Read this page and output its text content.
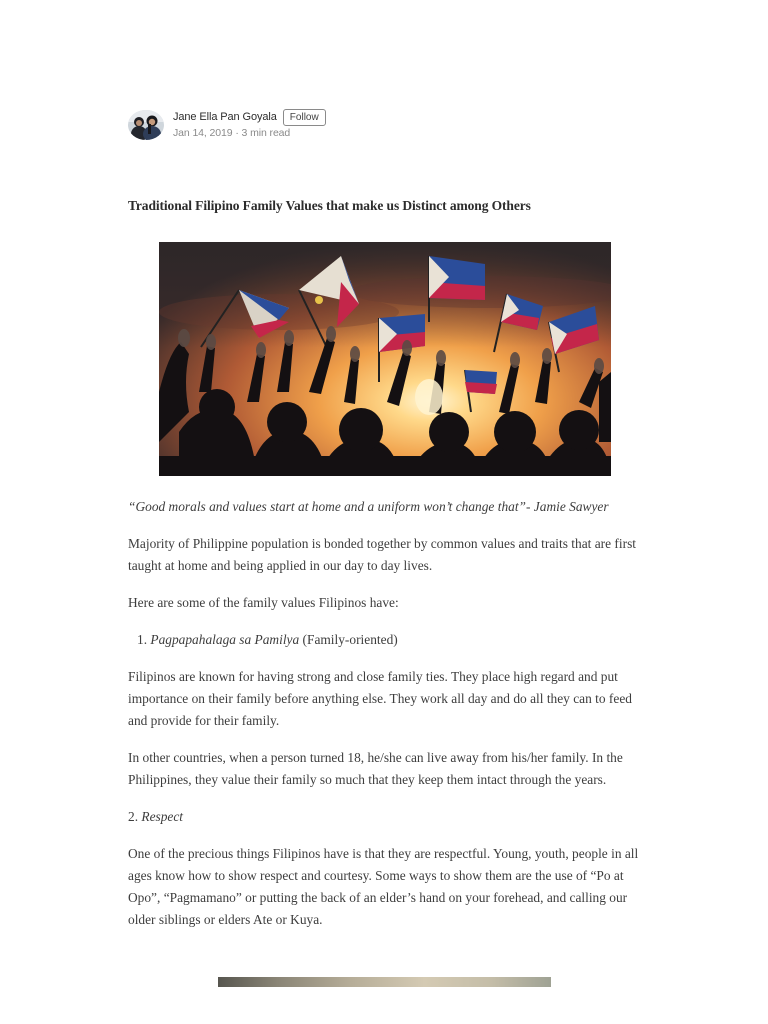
Jane Ella Pan Goyala	Follow
Jan 14, 2019 · 3 min read
Traditional Filipino Family Values that make us Distinct among Others

“Good morals and values start at home and a uniform won’t change that”- Jamie Sawyer

Majority of Philippine population is bonded together by common values and traits that are first taught at home and being applied in our day to day lives.

Here are some of the family values Filipinos have:

1. Pagpapahalaga sa Pamilya (Family-oriented)

Filipinos are known for having strong and close family ties. They place high regard and put importance on their family before anything else. They work all day and do all they can to feed and provide for their family.

In other countries, when a person turned 18, he/she can live away from his/her family. In the Philippines, they value their family so much that they keep them intact through the years.

2. Respect

One of the precious things Filipinos have is that they are respectful. Young, youth, people in all ages know how to show respect and courtesy. Some ways to show them are the use of “Po at Opo”, “Pagmamano” or putting the back of an elder’s hand on your forehead, and calling our older siblings or elders Ate or Kuya.
